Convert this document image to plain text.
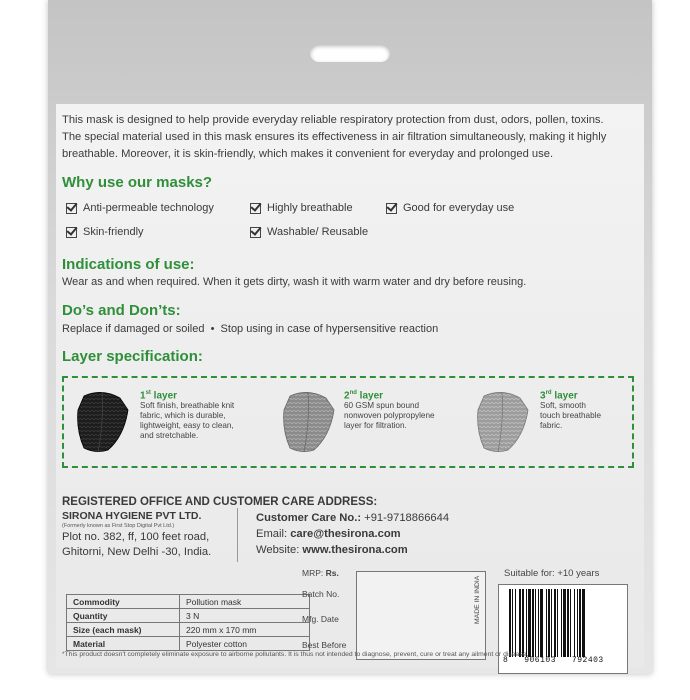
This mask is designed to help provide everyday reliable respiratory protection from dust, odors, pollen, toxins.
The special material used in this mask ensures its effectiveness in air filtration simultaneously, making it highly
breathable. Moreover, it is skin-friendly, which makes it convenient for everyday and prolonged use.
Why use our masks?
Anti-permeable technology	Highly breathable	Good for everyday use
Skin-friendly	Washable/ Reusable
Indications of use:
Wear as and when required. When it gets dirty, wash it with warm water and dry before reusing.
Do’s and Don’ts:
Replace if damaged or soiled  •  Stop using in case of hypersensitive reaction
Layer specification:
1st layer
Soft finish, breathable knit
fabric, which is durable,
lightweight, easy to clean,
and stretchable.
2nd layer
60 GSM spun bound
nonwoven polypropylene
layer for filtration.
3rd layer
Soft, smooth
touch breathable
fabric.
REGISTERED OFFICE AND CUSTOMER CARE ADDRESS:
SIRONA HYGIENE PVT LTD.
(Formerly known as First Stop Digital Pvt Ltd.)
Plot no. 382, ff, 100 feet road,
Ghitorni, New Delhi -30, India.
Customer Care No.: +91-9718866644
Email: care@thesirona.com
Website: www.thesirona.com
Commodity	Pollution mask
Quantity	3 N
Size (each mask)	220 mm x 170 mm
Material	Polyester cotton
MRP: Rs.
Batch No.
Mfg. Date
Best Before
MADE IN INDIA
Suitable for: +10 years
8   906103   792403
*This product doesn't completely eliminate exposure to airborne pollutants. It is thus not intended to diagnose, prevent, cure or treat any ailment or disease.
